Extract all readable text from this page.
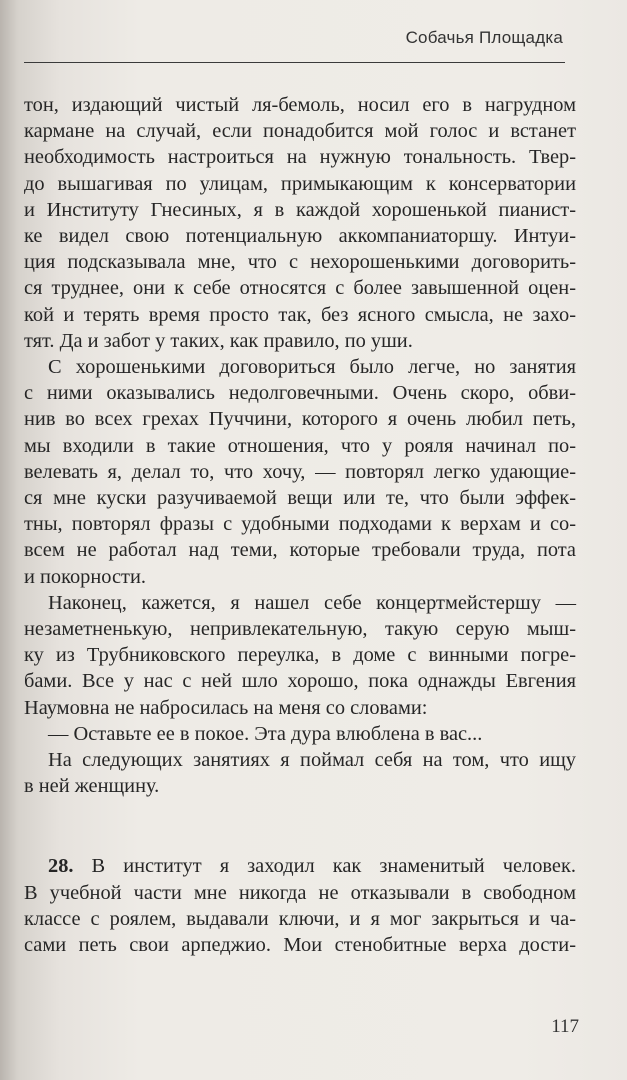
Собачья Площадка

тон, издающий чистый ля-бемоль, носил его в нагрудном
кармане на случай, если понадобится мой голос и встанет
необходимость настроиться на нужную тональность. Твер-
до вышагивая по улицам, примыкающим к консерватории
и Институту Гнесиных, я в каждой хорошенькой пианист-
ке видел свою потенциальную аккомпаниаторшу. Интуи-
ция подсказывала мне, что с нехорошенькими договорить-
ся труднее, они к себе относятся с более завышенной оцен-
кой и терять время просто так, без ясного смысла, не захо-
тят. Да и забот у таких, как правило, по уши.

С хорошенькими договориться было легче, но занятия
с ними оказывались недолговечными. Очень скоро, обви-
нив во всех грехах Пуччини, которого я очень любил петь,
мы входили в такие отношения, что у рояля начинал по-
велевать я, делал то, что хочу, — повторял легко удающие-
ся мне куски разучиваемой вещи или те, что были эффек-
тны, повторял фразы с удобными подходами к верхам и со-
всем не работал над теми, которые требовали труда, пота
и покорности.

Наконец, кажется, я нашел себе концертмейстершу —
незаметненькую, непривлекательную, такую серую мыш-
ку из Трубниковского переулка, в доме с винными погре-
бами. Все у нас с ней шло хорошо, пока однажды Евгения
Наумовна не набросилась на меня со словами:

— Оставьте ее в покое. Эта дура влюблена в вас...

На следующих занятиях я поймал себя на том, что ищу
в ней женщину.

28. В институт я заходил как знаменитый человек.
В учебной части мне никогда не отказывали в свободном
классе с роялем, выдавали ключи, и я мог закрыться и ча-
сами петь свои арпеджио. Мои стенобитные верха дости-

117
